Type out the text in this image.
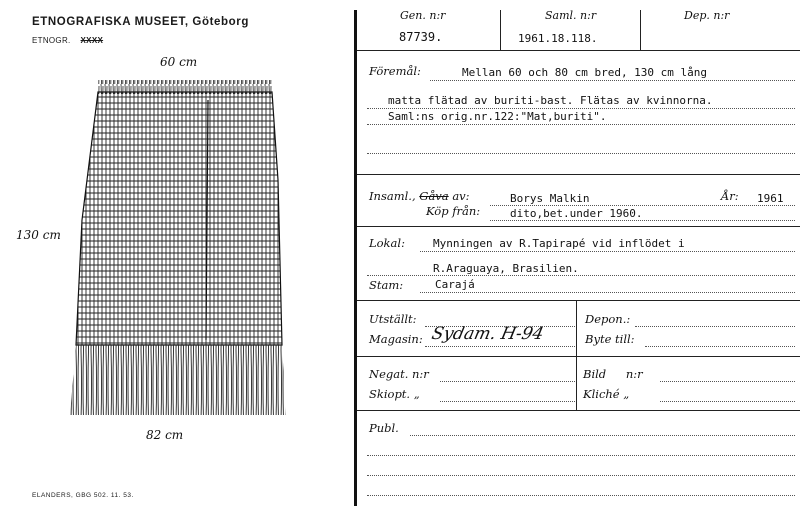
ETNOGRAFISKA MUSEET, Göteborg
ETNOGR. XXXX
60 cm
130 cm
82 cm
ELANDERS, GBG 502. 11. 53.
Gen. n:r	Saml. n:r	Dep. n:r
87739.	1961.18.118.
Föremål:	Mellan 60 och 80 cm bred, 130 cm lång
matta flätad av buriti-bast. Flätas av kvinnorna.
Saml:ns orig.nr.122:"Mat,buriti".
Insaml., Gåva av:	Borys Malkin	År: 1961
Köp från:	dito,bet.under 1960.
Lokal:	Mynningen av R.Tapirapé vid inflödet i
R.Araguaya, Brasilien.
Stam:	Carajá
Utställt:	Depon.:
Magasin: Sydam. H-94	Byte till:
Negat. n:r	Bild n:r
Skiopt. „	Kliché „
Publ.
